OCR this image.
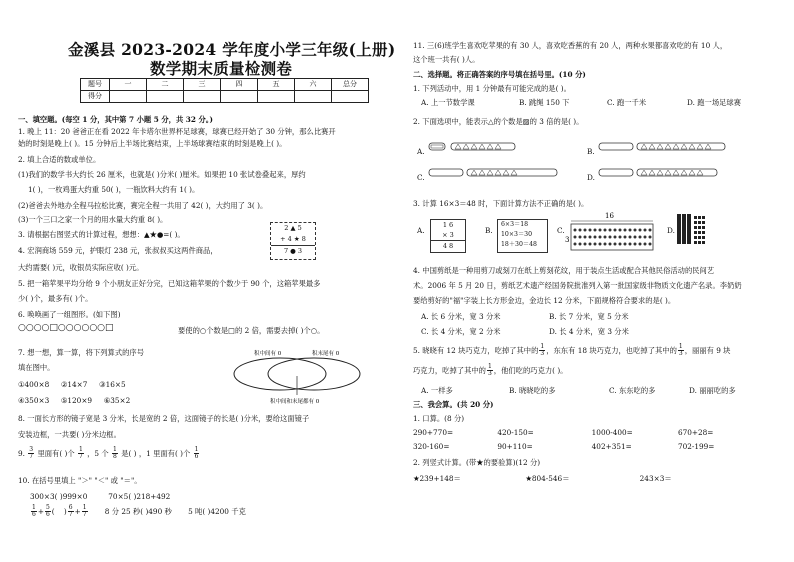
金溪县 2023-2024 学年度小学三年级(上册)
数学期末质量检测卷
题号	一	二	三	四	五	六	总分
得分							
一、填空题。(每空 1 分，其中第 7 小题 5 分，共 32 分。)
1. 晚上 11：20 爸爸正在看 2022 年卡塔尔世界杯足球赛，球赛已经开始了 30 分钟，那么比赛开
始的时刻是晚上( )。15 分钟后上半场比赛结束，上半场球赛结束的时刻是晚上( )。
2. 填上合适的数或单位。
(1)我们的数学书大约长 26 厘米，也就是( )分米( )厘米。如果把 10 张试卷叠起来，厚约
1( )，一枚鸡蛋大约重 50( )，一瓶饮料大约有 1( )。
(2)爸爸去外地办全程马拉松比赛，赛完全程一共用了 42( )，大约用了 3( )。
(3)一个三口之家一个月的用水量大约重 8( )。
3. 请根据右图竖式的计算过程，想想：▲★●=( )。
2 ▲ 5
+ 4 ★ 8
7 ● 3
4. 宏润商场 559 元，护眼灯 238 元，张叔叔买这两件商品，
大约需要( )元，收银员实际应收( )元。
5. 把一箱苹果平均分给 9 个小朋友正好分完，已知这箱苹果的个数少于 90 个，这箱苹果最多
少( )个，最多有( )个。
6. 唤唤画了一组图形。(如下图)
○○○○□○○○○○○□	要使的○个数是□的 2 倍，需要去掉( )个○。
7. 想一想，算一算，将下列算式的序号
填在图中。
①400×8 ②14×7 ③16×5
④350×3 ⑤120×9 ⑥35×2
积中间有 0	积末尾有 0
积中间和末尾都有 0
8. 一面长方形的镜子宽是 3 分米，长是宽的 2 倍，这面镜子的长是( )分米，要给这面镜子
安装边框，一共要( )分米边框。
9. $\frac{3}{7}$ 里面有( )个 $\frac{1}{7}$ ，5 个 $\frac{1}{8}$ 是( ) ，1 里面有( )个 $\frac{1}{6}$
10. 在括号里填上 "＞" "＜" 或 "＝"。
300×3( )999×0	70×5( )218+492
$\frac{1}{6} + \frac{5}{6}$ (    ) $\frac{6}{7} + \frac{1}{7} 8$ 分 25 秒( )490 秒 5 吨( )4200 千克
11. 三(6)班学生喜欢吃苹果的有 30 人，喜欢吃香蕉的有 20 人，两种水果都喜欢吃的有 10 人，
这个班一共有( )人。
二、选择题。将正确答案的序号填在括号里。(10 分)
1. 下列活动中，用 1 分钟最有可能完成的是( )。
A. 上一节数学课	B. 跳绳 150 下	C. 跑一千米	D. 跑一场足球赛
2. 下面选项中，能表示△的个数是▨的 3 倍的是( )。
A.	B.
C.	D.
3. 计算 16×3＝48 时，下面计算方法不正确的是( )。
A.
1 6
× 3
4 8
B.
6×3＝18
10×3＝30
18＋30＝48
C.
16
3
D.
4. 中国剪纸是一种用剪刀或刻刀在纸上剪刻花纹，用于装点生活或配合其他民俗活动的民间艺
术。2006 年 5 月 20 日，剪纸艺术遗产经国务院批准列入第一批国家级非物质文化遗产名录。李奶奶
要给剪好的"福"字装上长方形金边，金边长 12 分米，下面规格符合要求的是( )。
A. 长 6 分米，宽 3 分米	B. 长 7 分米，宽 5 分米
C. 长 4 分米，宽 2 分米	D. 长 4 分米，宽 3 分米
5. 晓晓有 12 块巧克力，吃掉了其中的 $\frac{1}{3}$ ，东东有 18 块巧克力，也吃掉了其中的 $\frac{1}{3}$ ，丽丽有 9 块
巧克力，吃掉了其中的 $\frac{1}{3}$ ，他们吃的巧克力( )。
A. 一样多	B. 晓晓吃的多	C. 东东吃的多	D. 丽丽吃的多
三、我会算。(共 20 分)
1. 口算。(8 分)
290+770=	420-150=	1000-400=	670+28=
320-160=	90+110=	402+351=	702-199=
2. 列竖式计算。(带★的要验算)(12 分)
★239+148＝	★804-546＝	243×3＝
